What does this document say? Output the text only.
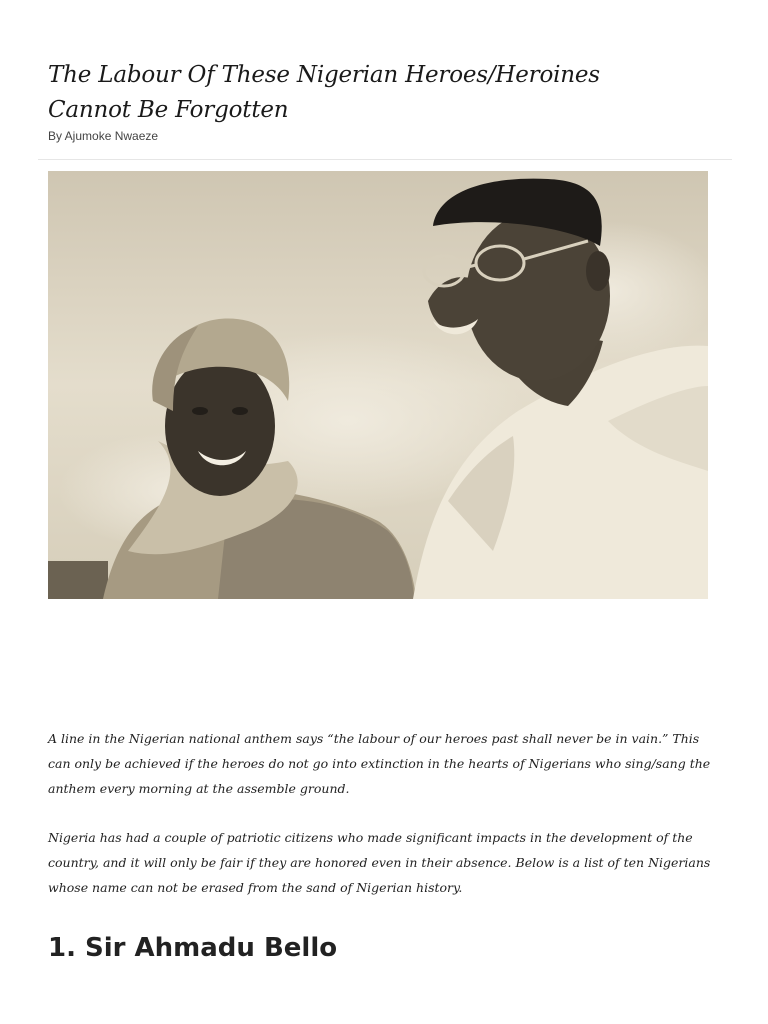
The Labour Of These Nigerian Heroes/Heroines Cannot Be Forgotten
By Ajumoke Nwaeze

A line in the Nigerian national anthem says “the labour of our heroes past shall never be in vain.” This can only be achieved if the heroes do not go into extinction in the hearts of Nigerians who sing/sang the anthem every morning at the assemble ground.

Nigeria has had a couple of patriotic citizens who made significant impacts in the development of the country, and it will only be fair if they are honored even in their absence. Below is a list of ten Nigerians whose name can not be erased from the sand of Nigerian history.

1. Sir Ahmadu Bello
